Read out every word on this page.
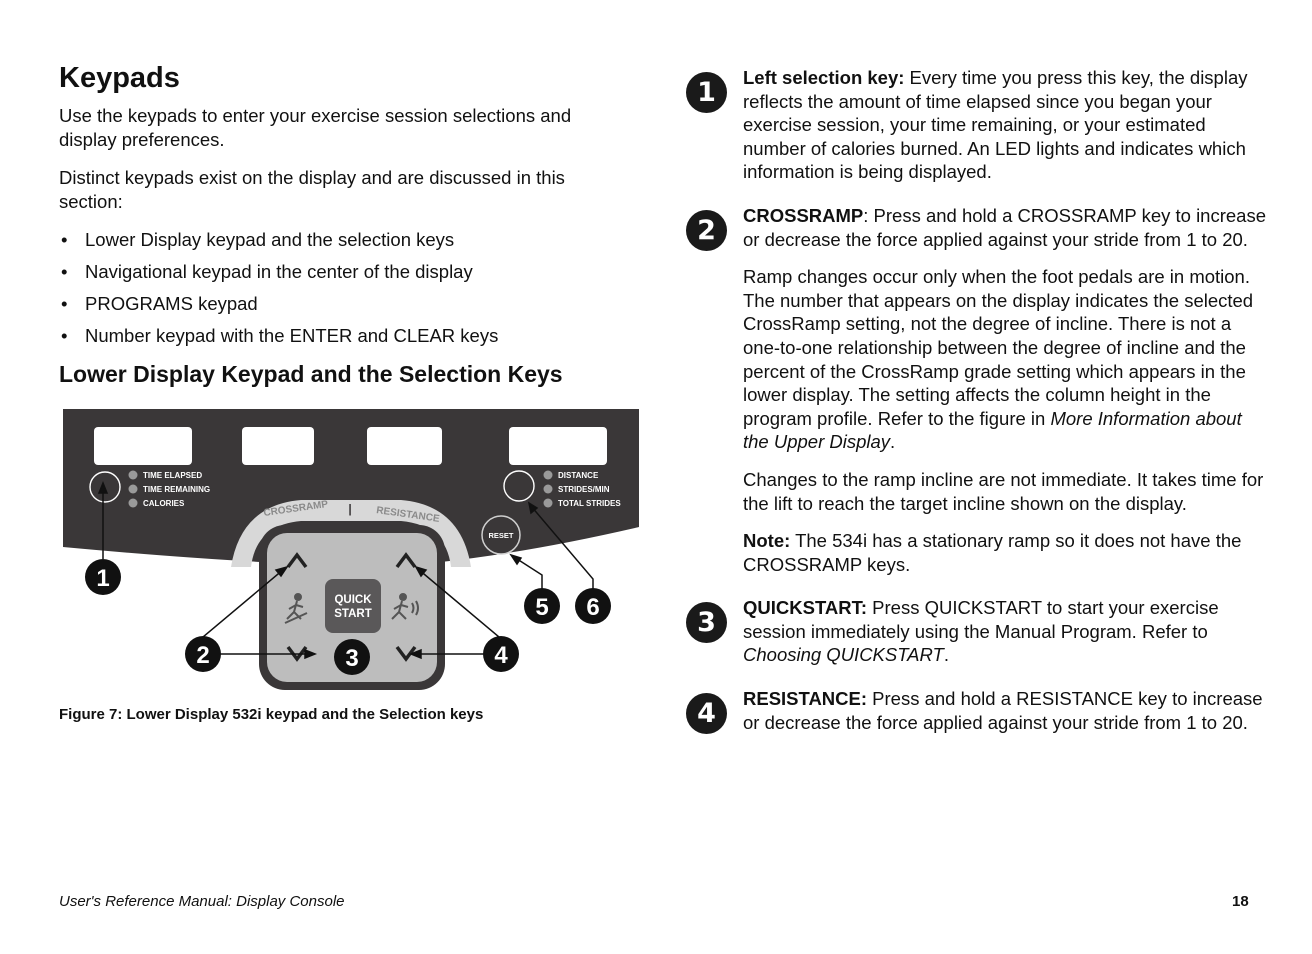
Keypads

Use the keypads to enter your exercise session selections and display preferences.

Distinct keypads exist on the display and are discussed in this section:

• Lower Display keypad and the selection keys
• Navigational keypad in the center of the display
• PROGRAMS keypad
• Number keypad with the ENTER and CLEAR keys
Lower Display Keypad and the Selection Keys
TIME ELAPSED
TIME REMAINING
CALORIES
DISTANCE
STRIDES/MIN
TOTAL STRIDES
RESET
CROSSRAMP | RESISTANCE
QUICK
START
1
2	3	4
5 6
Figure 7: Lower Display 532i keypad and the Selection keys
1	Left selection key: Every time you press this key, the display reflects the amount of time elapsed since you began your exercise session, your time remaining, or your estimated number of calories burned. An LED lights and indicates which information is being displayed.

2	CROSSRAMP: Press and hold a CROSSRAMP key to increase or decrease the force applied against your stride from 1 to 20.

Ramp changes occur only when the foot pedals are in motion. The number that appears on the display indicates the selected CrossRamp setting, not the degree of incline. There is not a one-to-one relationship between the degree of incline and the percent of the CrossRamp grade setting which appears in the lower display. The setting affects the column height in the program profile. Refer to the figure in More Information about the Upper Display.

Changes to the ramp incline are not immediate. It takes time for the lift to reach the target incline shown on the display.

Note: The 534i has a stationary ramp so it does not have the CROSSRAMP keys.

3	QUICKSTART: Press QUICKSTART to start your exercise session immediately using the Manual Program. Refer to Choosing QUICKSTART.

4	RESISTANCE: Press and hold a RESISTANCE key to increase or decrease the force applied against your stride from 1 to 20.

User's Reference Manual: Display Console	18
